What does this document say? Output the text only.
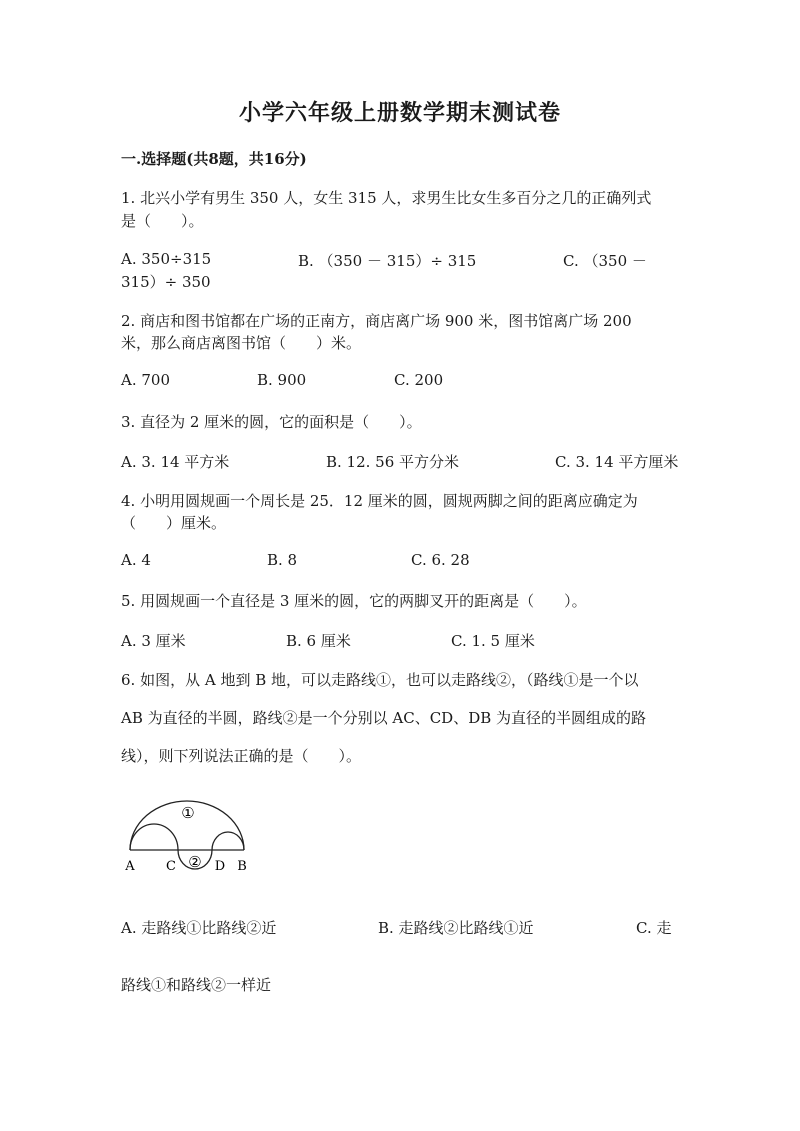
小学六年级上册数学期末测试卷
一.选择题(共8题，共16分)
1. 北兴小学有男生 350 人，女生 315 人，求男生比女生多百分之几的正确列式
是（　　）。
A. 350÷315	B. （350 － 315）÷ 315	C. （350 －
315）÷ 350
2. 商店和图书馆都在广场的正南方，商店离广场 900 米，图书馆离广场 200
米，那么商店离图书馆（　　）米。
A. 700	B. 900	C. 200
3. 直径为 2 厘米的圆，它的面积是（　　）。
A. 3. 14 平方米	B. 12. 56 平方分米	C. 3. 14 平方厘米
4. 小明用圆规画一个周长是 25．12 厘米的圆，圆规两脚之间的距离应确定为
（　　）厘米。
A. 4	B. 8	C. 6. 28
5. 用圆规画一个直径是 3 厘米的圆，它的两脚叉开的距离是（　　）。
A. 3 厘米	B. 6 厘米	C. 1. 5 厘米
6. 如图，从 A 地到 B 地，可以走路线①，也可以走路线②，（路线①是一个以
AB 为直径的半圆，路线②是一个分别以 AC、CD、DB 为直径的半圆组成的路
线），则下列说法正确的是（　　）。
①
②
A C	D B
A. 走路线①比路线②近	B. 走路线②比路线①近	C. 走
路线①和路线②一样近
